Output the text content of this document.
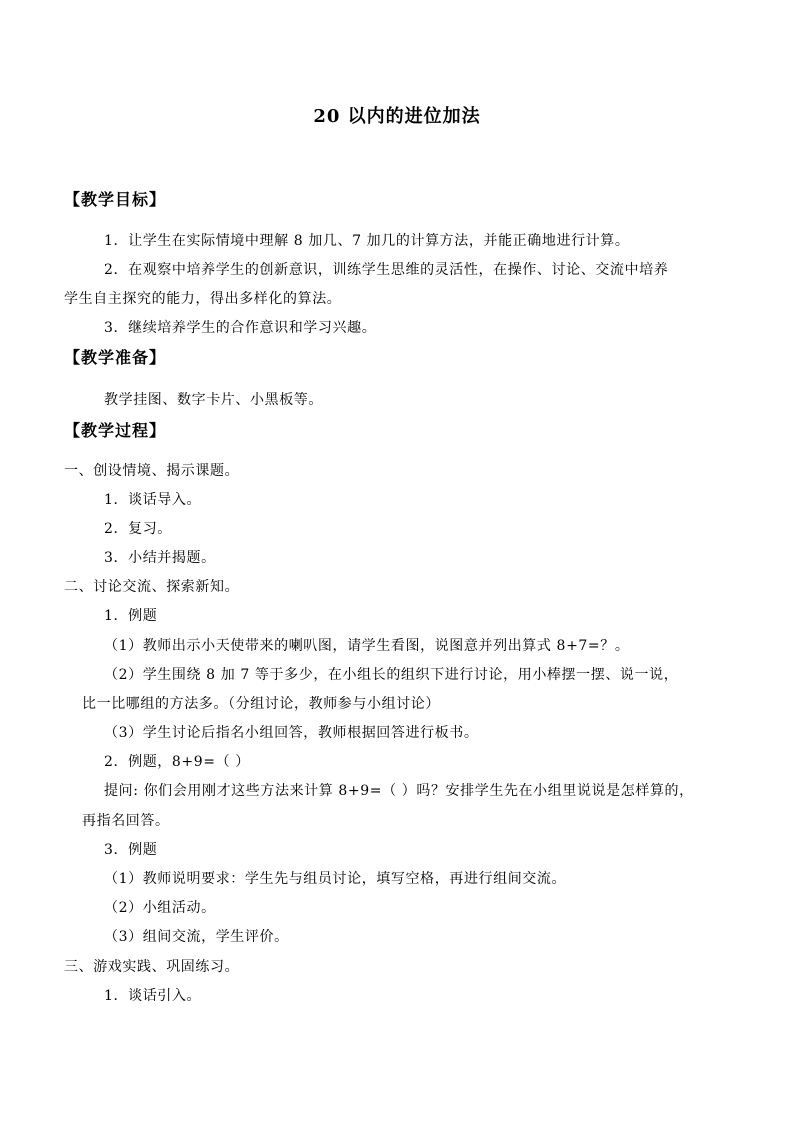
20 以内的进位加法
【教学目标】
1．让学生在实际情境中理解 8 加几、7 加几的计算方法，并能正确地进行计算。
2．在观察中培养学生的创新意识，训练学生思维的灵活性，在操作、讨论、交流中培养
学生自主探究的能力，得出多样化的算法。
3．继续培养学生的合作意识和学习兴趣。
【教学准备】
教学挂图、数字卡片、小黑板等。
【教学过程】
一、创设情境、揭示课题。
1．谈话导入。
2．复习。
3．小结并揭题。
二、讨论交流、探索新知。
1．例题
（1）教师出示小天使带来的喇叭图，请学生看图，说图意并列出算式 8+7=？。
（2）学生围绕 8 加 7 等于多少，在小组长的组织下进行讨论，用小棒摆一摆、说一说，
比一比哪组的方法多。（分组讨论，教师参与小组讨论）
（3）学生讨论后指名小组回答，教师根据回答进行板书。
2．例题，8+9=（ ）
提问: 你们会用刚才这些方法来计算 8+9=（ ）吗？安排学生先在小组里说说是怎样算的，
再指名回答。
3．例题
（1）教师说明要求：学生先与组员讨论，填写空格，再进行组间交流。
（2）小组活动。
（3）组间交流，学生评价。
三、游戏实践、巩固练习。
1．谈话引入。
